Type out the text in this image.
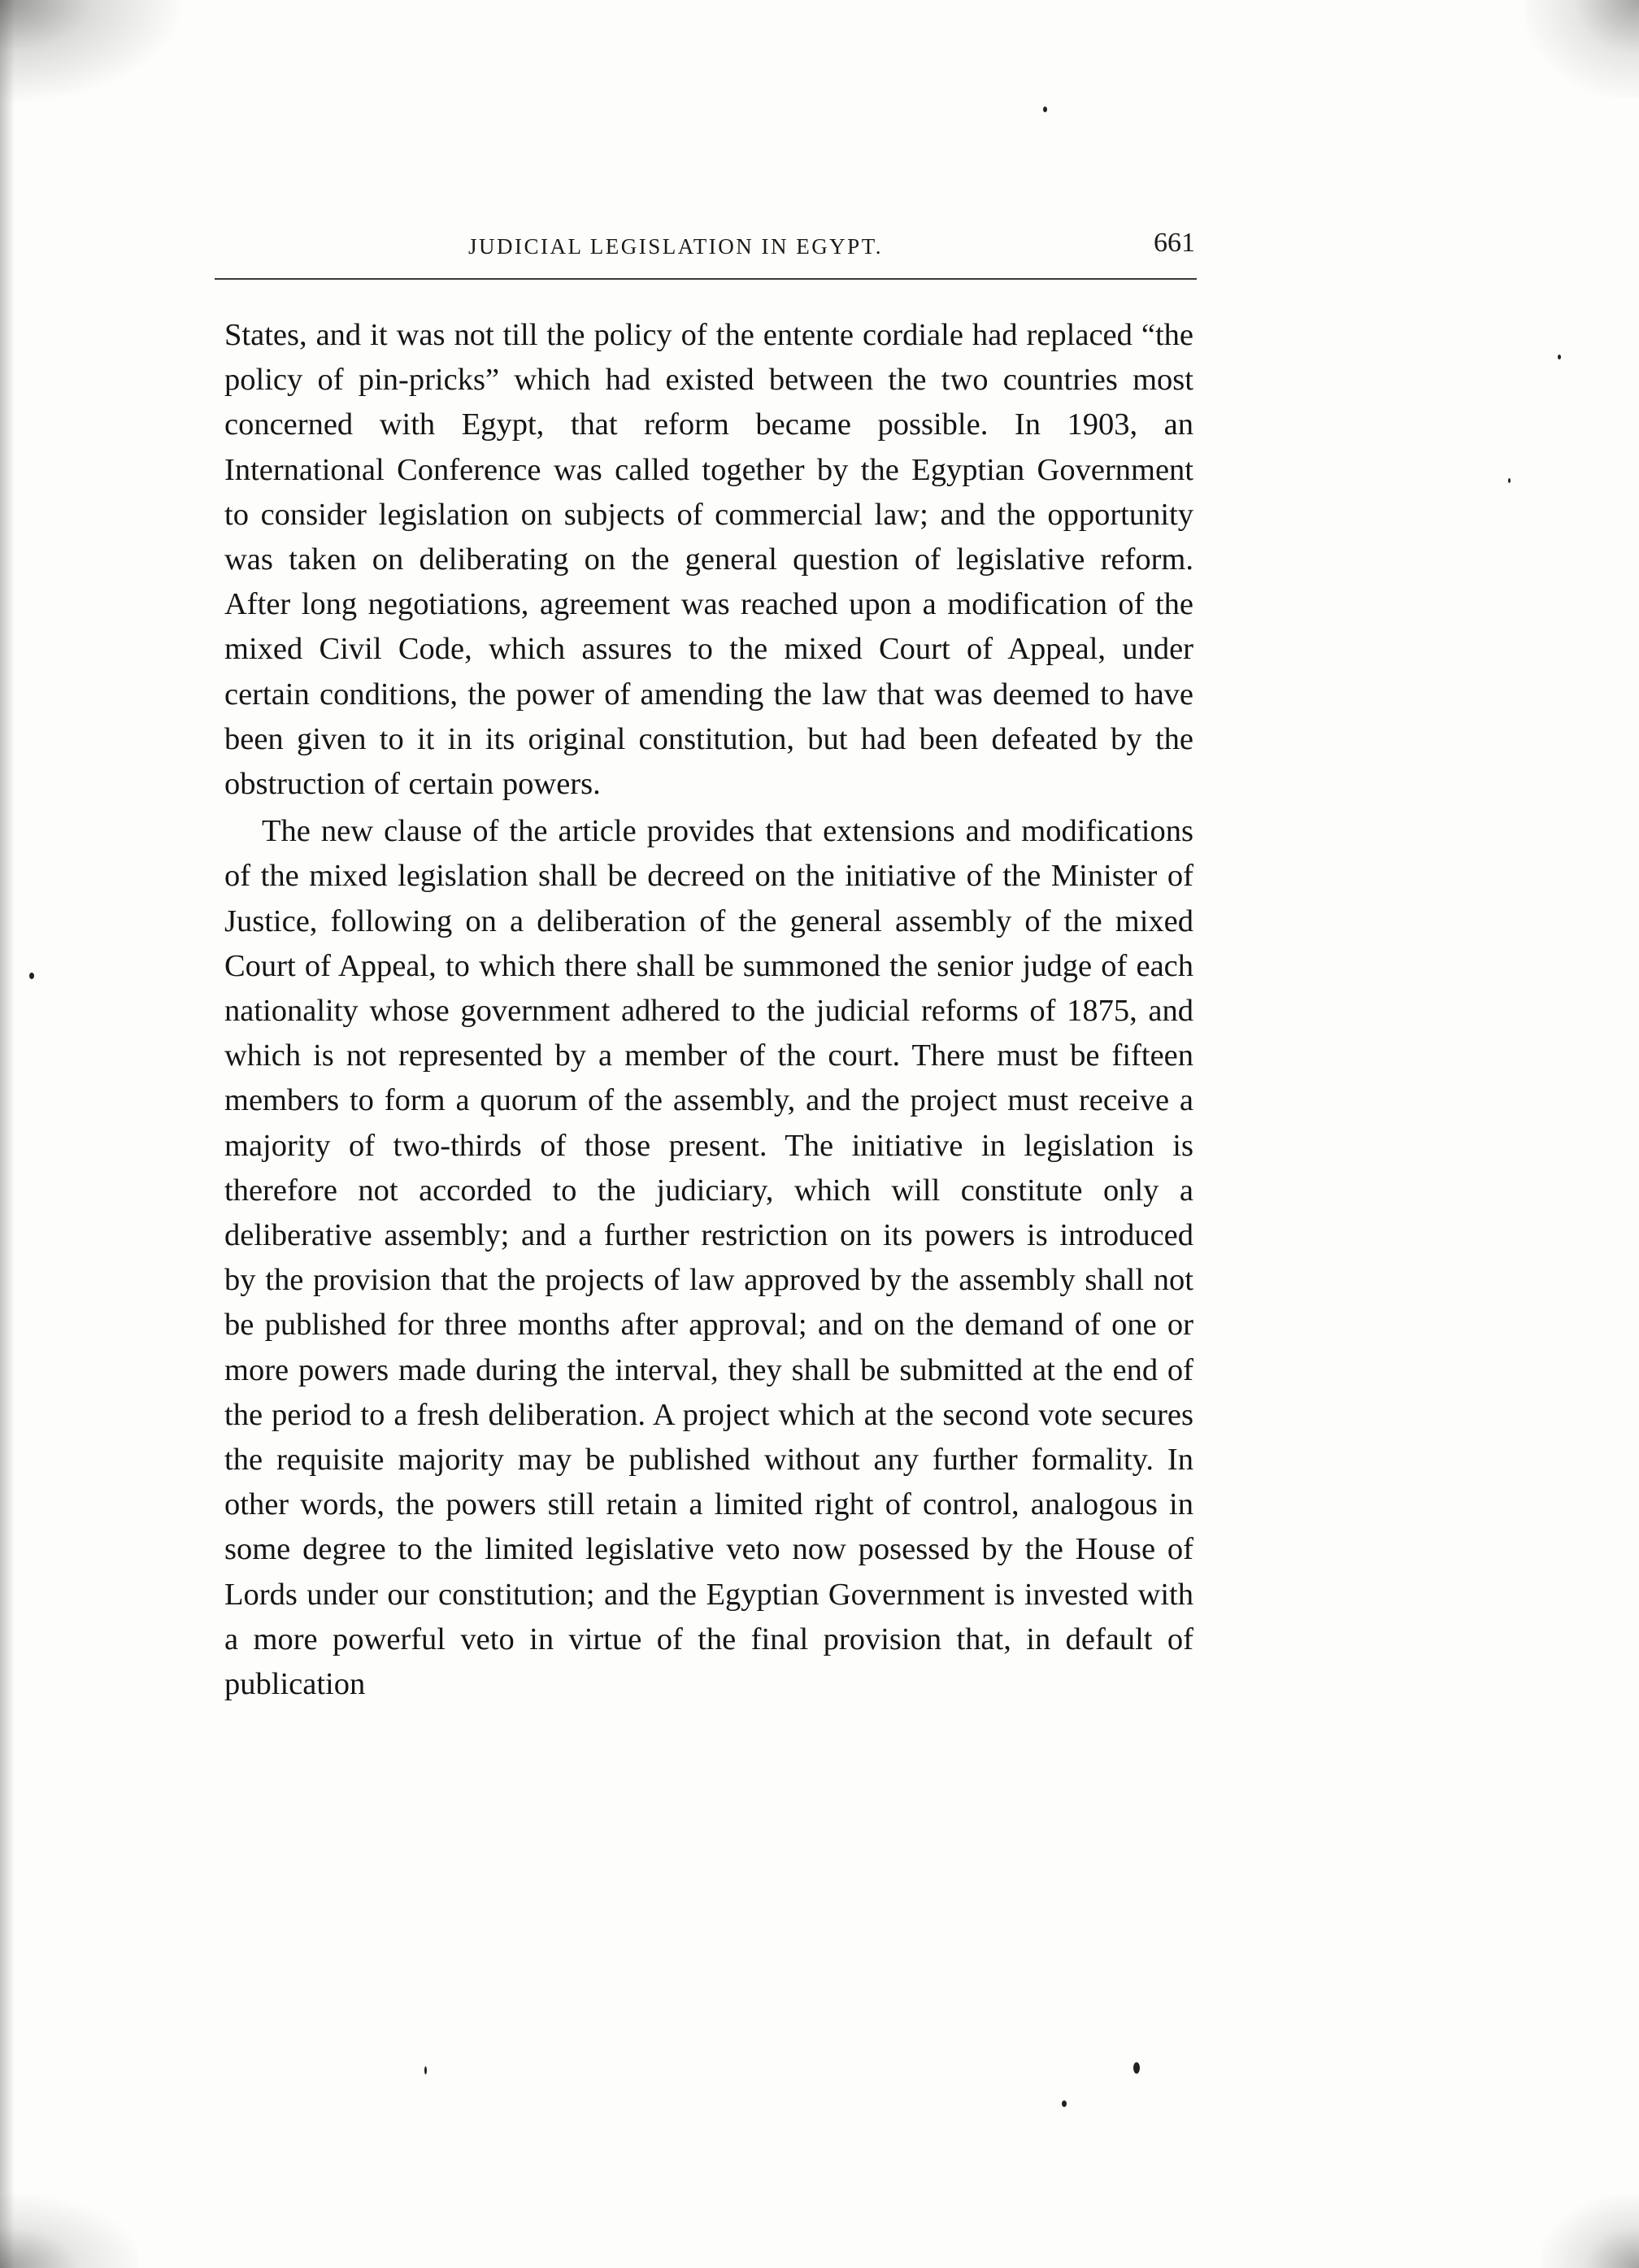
JUDICIAL LEGISLATION IN EGYPT.	661

States, and it was not till the policy of the entente cordiale had replaced “the policy of pin-pricks” which had existed between the two countries most concerned with Egypt, that reform became possible. In 1903, an International Conference was called together by the Egyptian Government to consider legislation on subjects of commercial law; and the opportunity was taken on deliberating on the general question of legislative reform. After long negotiations, agreement was reached upon a modification of the mixed Civil Code, which assures to the mixed Court of Appeal, under certain conditions, the power of amending the law that was deemed to have been given to it in its original constitution, but had been defeated by the obstruction of certain powers.

The new clause of the article provides that extensions and modifications of the mixed legislation shall be decreed on the initiative of the Minister of Justice, following on a deliberation of the general assembly of the mixed Court of Appeal, to which there shall be summoned the senior judge of each nationality whose government adhered to the judicial reforms of 1875, and which is not represented by a member of the court. There must be fifteen members to form a quorum of the assembly, and the project must receive a majority of two-thirds of those present. The initiative in legislation is therefore not accorded to the judiciary, which will constitute only a deliberative assembly; and a further restriction on its powers is introduced by the provision that the projects of law approved by the assembly shall not be published for three months after approval; and on the demand of one or more powers made during the interval, they shall be submitted at the end of the period to a fresh deliberation. A project which at the second vote secures the requisite majority may be published without any further formality. In other words, the powers still retain a limited right of control, analogous in some degree to the limited legislative veto now posessed by the House of Lords under our constitution; and the Egyptian Government is invested with a more powerful veto in virtue of the final provision that, in default of publication
